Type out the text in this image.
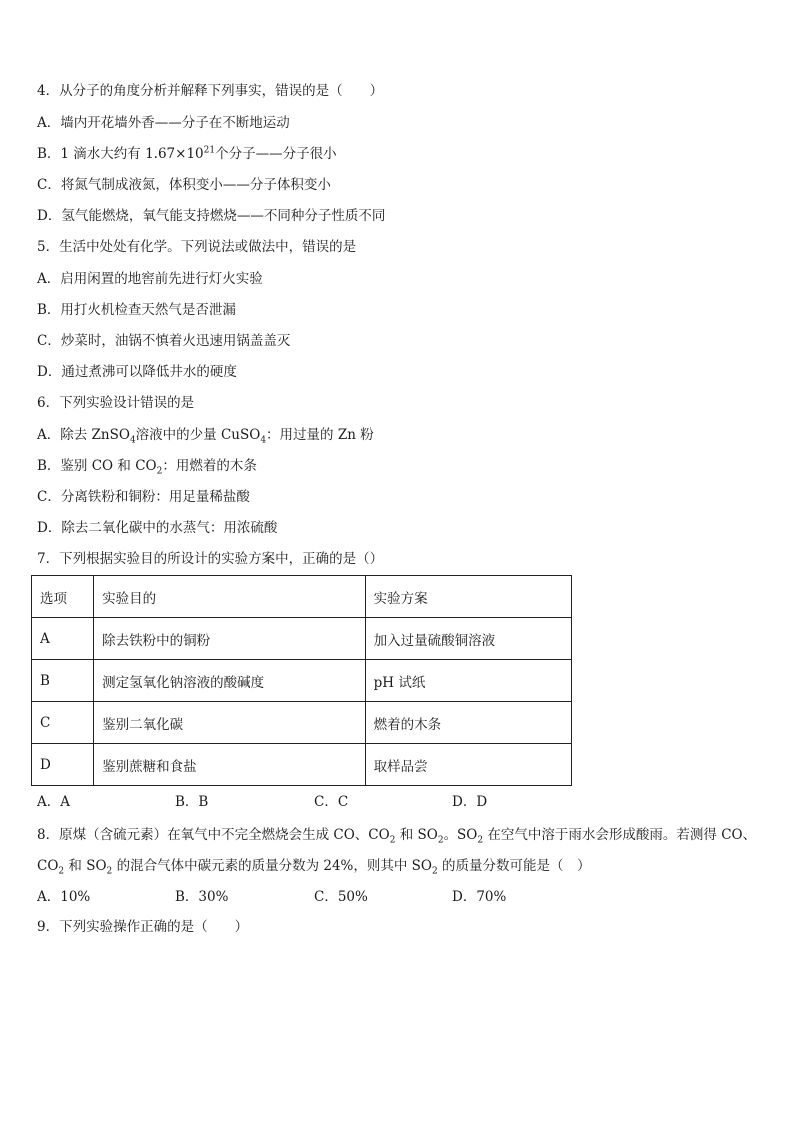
4．从分子的角度分析并解释下列事实，错误的是（　　）
A．墙内开花墙外香——分子在不断地运动
B．1 滴水大约有 $1.67\times 10^{21}$个分子——分子很小
C．将氮气制成液氮，体积变小——分子体积变小
D．氢气能燃烧，氧气能支持燃烧——不同种分子性质不同
5．生活中处处有化学。下列说法或做法中，错误的是
A．启用闲置的地窖前先进行灯火实验
B．用打火机检查天然气是否泄漏
C．炒菜时，油锅不慎着火迅速用锅盖盖灭
D．通过煮沸可以降低井水的硬度
6．下列实验设计错误的是
A．除去 ZnSO$_4$溶液中的少量 CuSO$_4$：用过量的 Zn 粉
B．鉴别 CO 和 $CO_2$：用燃着的木条
C．分离铁粉和铜粉：用足量稀盐酸
D．除去二氧化碳中的水蒸气：用浓硫酸
7．下列根据实验目的所设计的实验方案中，正确的是（）
选项	实验目的	实验方案
A	除去铁粉中的铜粉	加入过量硫酸铜溶液
B	测定氢氧化钠溶液的酸碱度	pH 试纸
C	鉴别二氧化碳	燃着的木条
D	鉴别蔗糖和食盐	取样品尝
A．A	B．B	C．C	D．D
8．原煤（含硫元素）在氧气中不完全燃烧会生成 CO、$CO_2$ 和 $SO_2$。$SO_2$ 在空气中溶于雨水会形成酸雨。若测得 CO、
$CO_2$ 和 $SO_2$ 的混合气体中碳元素的质量分数为 24%，则其中 $SO_2$ 的质量分数可能是（　）
A．10%	B．30%	C．50%	D．70%
9．下列实验操作正确的是（　　）
